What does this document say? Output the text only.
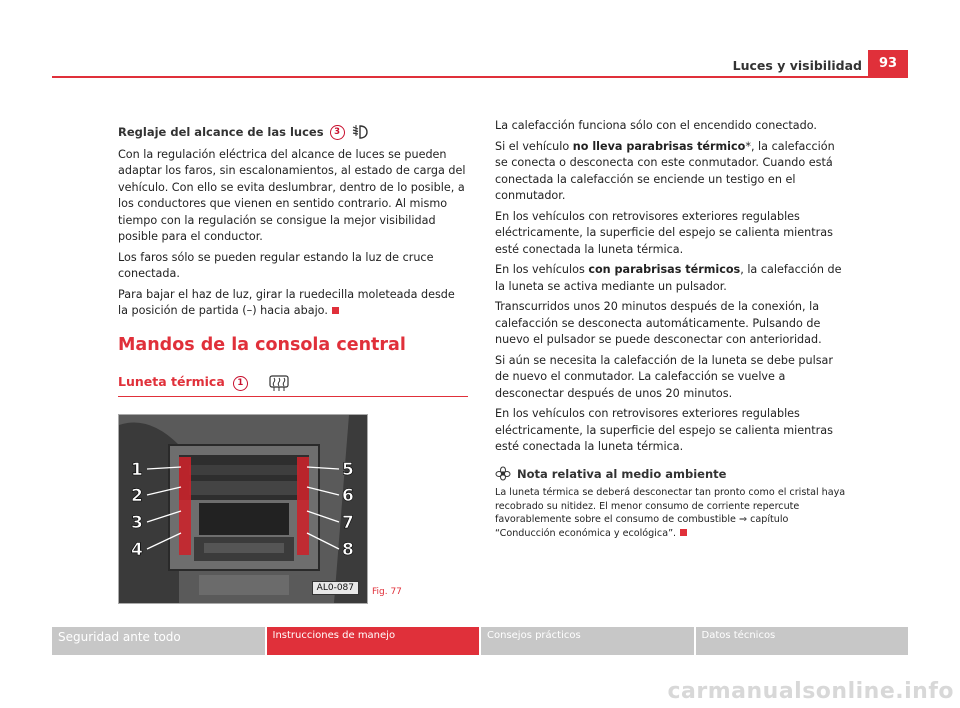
93
Luces y visibilidad
Reglaje del alcance de las luces	3

Con la regulación eléctrica del alcance de luces se pueden adaptar los faros, sin escalonamientos, al estado de carga del vehículo. Con ello se evita deslumbrar, dentro de lo posible, a los conductores que vienen en sentido contrario. Al mismo tiempo con la regulación se consigue la mejor visibilidad posible para el conductor.

Los faros sólo se pueden regular estando la luz de cruce conectada.

Para bajar el haz de luz, girar la ruedecilla moleteada desde la posición de partida (–) hacia abajo.

Mandos de la consola central
Luneta térmica	1
1
2
3
4
5
6
7
8
AL0-087	Fig. 77

La calefacción funciona sólo con el encendido conectado.

Si el vehículo no lleva parabrisas térmico*, la calefacción se conecta o desconecta con este conmutador. Cuando está conectada la calefacción se enciende un testigo en el conmutador.

En los vehículos con retrovisores exteriores regulables eléctricamente, la superficie del espejo se calienta mientras esté conectada la luneta térmica.

En los vehículos con parabrisas térmicos, la calefacción de la luneta se activa mediante un pulsador.

Transcurridos unos 20 minutos después de la conexión, la calefacción se desconecta automáticamente. Pulsando de nuevo el pulsador se puede desconectar con anterioridad.

Si aún se necesita la calefacción de la luneta se debe pulsar de nuevo el conmutador. La calefacción se vuelve a desconectar después de unos 20 minutos.

En los vehículos con retrovisores exteriores regulables eléctricamente, la superficie del espejo se calienta mientras esté conectada la luneta térmica.

Nota relativa al medio ambiente
La luneta térmica se deberá desconectar tan pronto como el cristal haya recobrado su nitidez. El menor consumo de corriente repercute favorablemente sobre el consumo de combustible ⇒ capítulo “Conducción económica y ecológica”.
Seguridad ante todo	Instrucciones de manejo	Consejos prácticos	Datos técnicos
carmanualsonline.info
